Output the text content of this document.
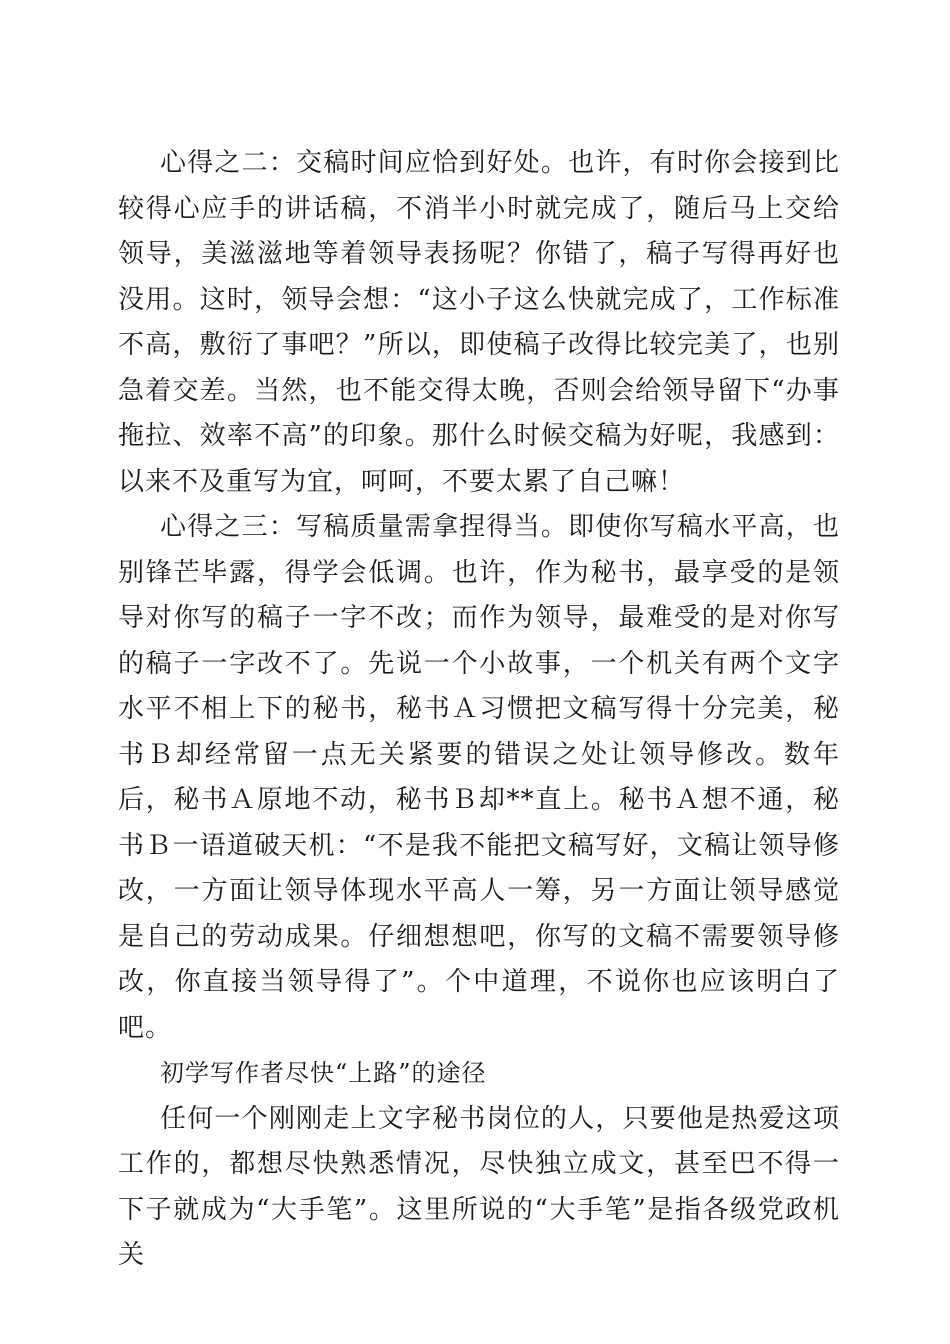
心得之二：交稿时间应恰到好处。也许，有时你会接到比较得心应手的讲话稿，不消半小时就完成了，随后马上交给领导，美滋滋地等着领导表扬呢？你错了，稿子写得再好也没用。这时，领导会想：“这小子这么快就完成了，工作标准不高，敷衍了事吧？”所以，即使稿子改得比较完美了，也别急着交差。当然，也不能交得太晚，否则会给领导留下“办事拖拉、效率不高”的印象。那什么时候交稿为好呢，我感到：以来不及重写为宜，呵呵，不要太累了自己嘛！

心得之三：写稿质量需拿捏得当。即使你写稿水平高，也别锋芒毕露，得学会低调。也许，作为秘书，最享受的是领导对你写的稿子一字不改；而作为领导，最难受的是对你写的稿子一字改不了。先说一个小故事，一个机关有两个文字水平不相上下的秘书，秘书Ａ习惯把文稿写得十分完美，秘书Ｂ却经常留一点无关紧要的错误之处让领导修改。数年后，秘书Ａ原地不动，秘书Ｂ却**直上。秘书Ａ想不通，秘书Ｂ一语道破天机：“不是我不能把文稿写好，文稿让领导修改，一方面让领导体现水平高人一筹，另一方面让领导感觉是自己的劳动成果。仔细想想吧，你写的文稿不需要领导修改，你直接当领导得了”。个中道理，不说你也应该明白了吧。

初学写作者尽快“上路”的途径

任何一个刚刚走上文字秘书岗位的人，只要他是热爱这项工作的，都想尽快熟悉情况，尽快独立成文，甚至巴不得一下子就成为“大手笔”。这里所说的“大手笔”是指各级党政机关
